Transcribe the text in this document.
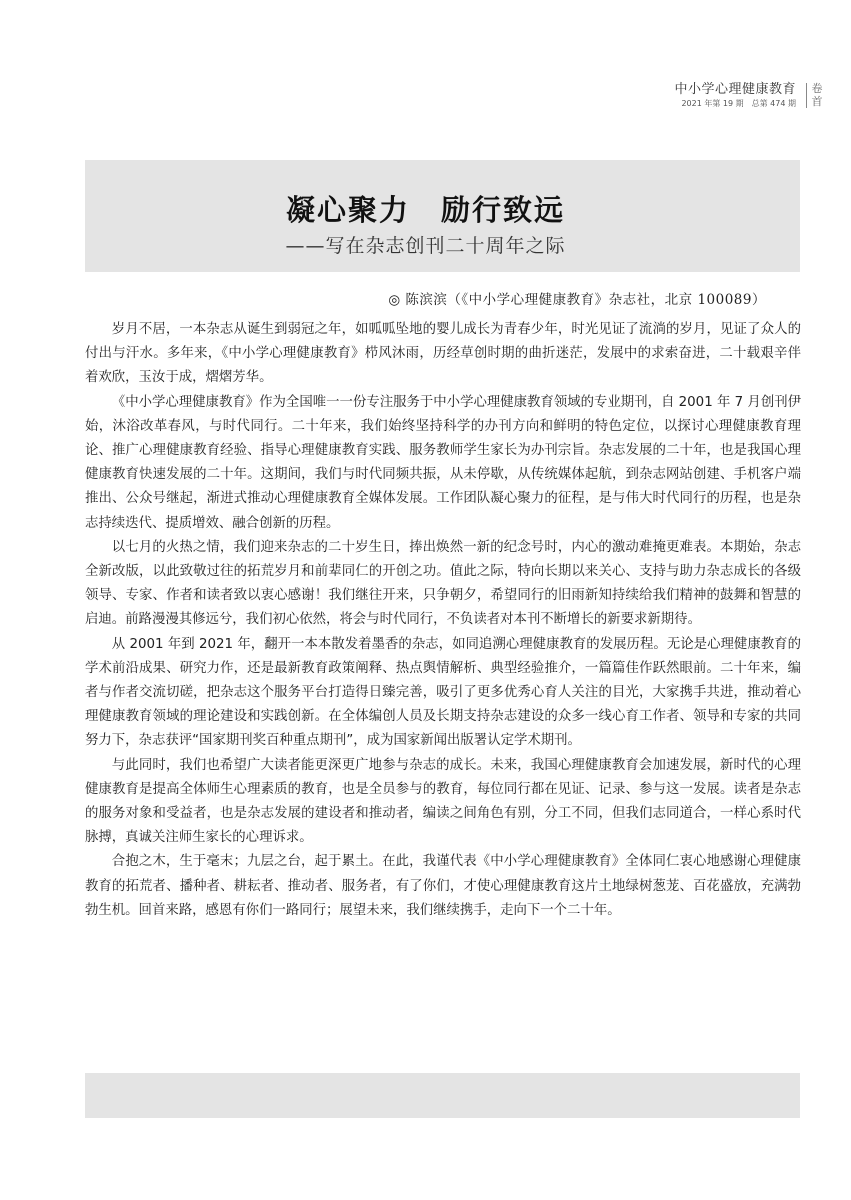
中小学心理健康教育
2021 年第 19 期　总第 474 期
卷首
凝心聚力　励行致远
——写在杂志创刊二十周年之际
◎ 陈滨滨（《中小学心理健康教育》杂志社，北京 100089）

岁月不居，一本杂志从诞生到弱冠之年，如呱呱坠地的婴儿成长为青春少年，时光见证了流淌的岁月，见证了众人的付出与汗水。多年来，《中小学心理健康教育》栉风沐雨，历经草创时期的曲折迷茫，发展中的求索奋进，二十载艰辛伴着欢欣，玉汝于成，熠熠芳华。

《中小学心理健康教育》作为全国唯一一份专注服务于中小学心理健康教育领域的专业期刊，自 2001 年 7 月创刊伊始，沐浴改革春风，与时代同行。二十年来，我们始终坚持科学的办刊方向和鲜明的特色定位，以探讨心理健康教育理论、推广心理健康教育经验、指导心理健康教育实践、服务教师学生家长为办刊宗旨。杂志发展的二十年，也是我国心理健康教育快速发展的二十年。这期间，我们与时代同频共振，从未停歇，从传统媒体起航，到杂志网站创建、手机客户端推出、公众号继起，渐进式推动心理健康教育全媒体发展。工作团队凝心聚力的征程，是与伟大时代同行的历程，也是杂志持续迭代、提质增效、融合创新的历程。

以七月的火热之情，我们迎来杂志的二十岁生日，捧出焕然一新的纪念号时，内心的激动难掩更难表。本期始，杂志全新改版，以此致敬过往的拓荒岁月和前辈同仁的开创之功。值此之际，特向长期以来关心、支持与助力杂志成长的各级领导、专家、作者和读者致以衷心感谢！我们继往开来，只争朝夕，希望同行的旧雨新知持续给我们精神的鼓舞和智慧的启迪。前路漫漫其修远兮，我们初心依然，将会与时代同行，不负读者对本刊不断增长的新要求新期待。

从 2001 年到 2021 年，翻开一本本散发着墨香的杂志，如同追溯心理健康教育的发展历程。无论是心理健康教育的学术前沿成果、研究力作，还是最新教育政策阐释、热点舆情解析、典型经验推介，一篇篇佳作跃然眼前。二十年来，编者与作者交流切磋，把杂志这个服务平台打造得日臻完善，吸引了更多优秀心育人关注的目光，大家携手共进，推动着心理健康教育领域的理论建设和实践创新。在全体编创人员及长期支持杂志建设的众多一线心育工作者、领导和专家的共同努力下，杂志获评“国家期刊奖百种重点期刊”，成为国家新闻出版署认定学术期刊。

与此同时，我们也希望广大读者能更深更广地参与杂志的成长。未来，我国心理健康教育会加速发展，新时代的心理健康教育是提高全体师生心理素质的教育，也是全员参与的教育，每位同行都在见证、记录、参与这一发展。读者是杂志的服务对象和受益者，也是杂志发展的建设者和推动者，编读之间角色有别，分工不同，但我们志同道合，一样心系时代脉搏，真诚关注师生家长的心理诉求。

合抱之木，生于毫末；九层之台，起于累土。在此，我谨代表《中小学心理健康教育》全体同仁衷心地感谢心理健康教育的拓荒者、播种者、耕耘者、推动者、服务者，有了你们，才使心理健康教育这片土地绿树葱茏、百花盛放，充满勃勃生机。回首来路，感恩有你们一路同行；展望未来，我们继续携手，走向下一个二十年。
